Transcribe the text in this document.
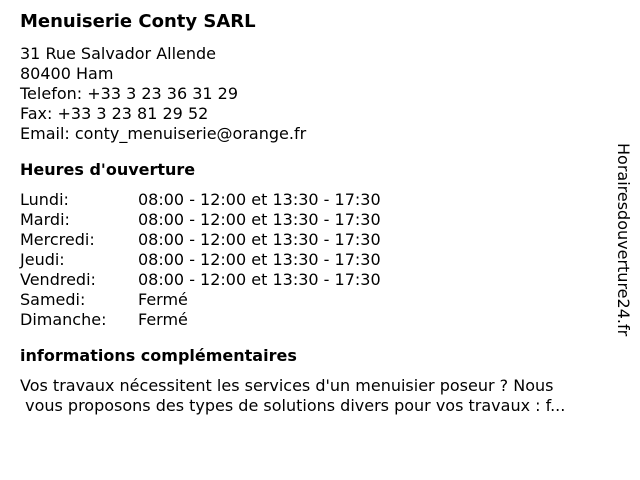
Menuiserie Conty SARL
31 Rue Salvador Allende
80400 Ham
Telefon: +33 3 23 36 31 29
Fax: +33 3 23 81 29 52
Email: conty_menuiserie@orange.fr
Heures d'ouverture
Lundi:	08:00 - 12:00 et 13:30 - 17:30
Mardi:	08:00 - 12:00 et 13:30 - 17:30
Mercredi:	08:00 - 12:00 et 13:30 - 17:30
Jeudi:	08:00 - 12:00 et 13:30 - 17:30
Vendredi:	08:00 - 12:00 et 13:30 - 17:30
Samedi:	Fermé
Dimanche:	Fermé
informations complémentaires
Vos travaux nécessitent les services d'un menuisier poseur ? Nous
vous proposons des types de solutions divers pour vos travaux : f...
Horairesdouverture24.fr
